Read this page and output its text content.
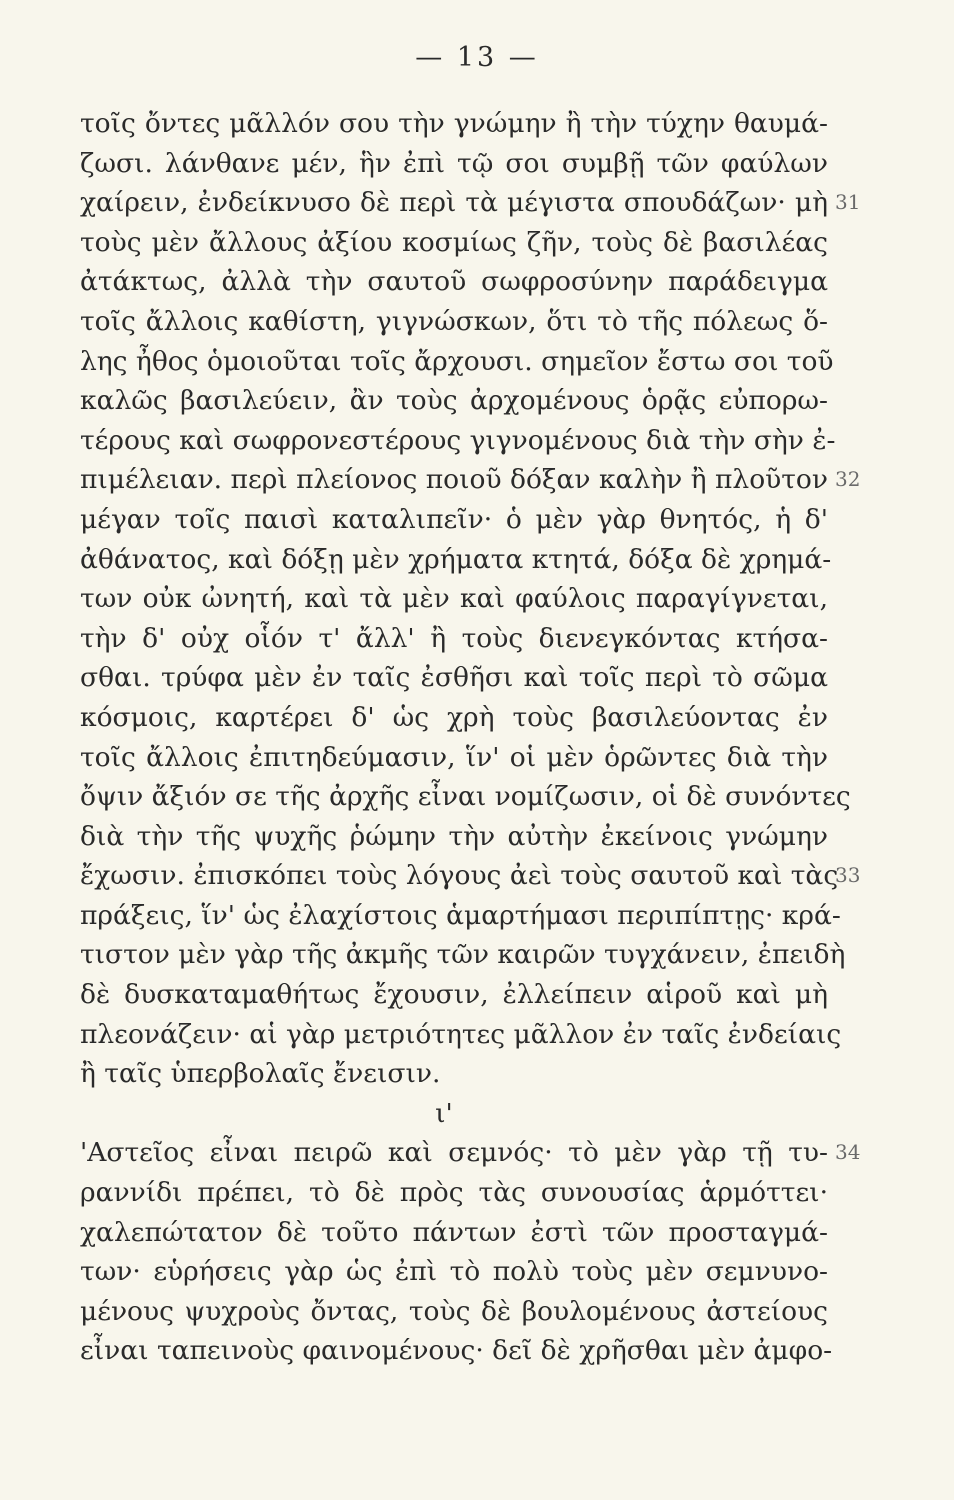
— 13 —
τοῖς ὄντες μᾶλλόν σου τὴν γνώμην ἢ τὴν τύχην θαυμά-
ζωσι. λάνθανε μέν, ἣν ἐπὶ τῷ σοι συμβῇ τῶν φαύλων
χαίρειν, ἐνδείκνυσο δὲ περὶ τὰ μέγιστα σπουδάζων· μὴ 31
τοὺς μὲν ἄλλους ἀξίου κοσμίως ζῆν, τοὺς δὲ βασιλέας
ἀτάκτως, ἀλλὰ τὴν σαυτοῦ σωφροσύνην παράδειγμα
τοῖς ἄλλοις καθίστη, γιγνώσκων, ὅτι τὸ τῆς πόλεως ὅ-
λης ἦθος ὁμοιοῦται τοῖς ἄρχουσι. σημεῖον ἔστω σοι τοῦ
καλῶς βασιλεύειν, ἂν τοὺς ἀρχομένους ὁρᾷς εὐπορω-
τέρους καὶ σωφρονεστέρους γιγνομένους διὰ τὴν σὴν ἐ-
πιμέλειαν. περὶ πλείονος ποιοῦ δόξαν καλὴν ἢ πλοῦτον 32
μέγαν τοῖς παισὶ καταλιπεῖν· ὁ μὲν γὰρ θνητός, ἡ δ'
ἀθάνατος, καὶ δόξῃ μὲν χρήματα κτητά, δόξα δὲ χρημά-
των οὐκ ὠνητή, καὶ τὰ μὲν καὶ φαύλοις παραγίγνεται,
τὴν δ' οὐχ οἷόν τ' ἄλλ' ἢ τοὺς διενεγκόντας κτήσα-
σθαι. τρύφα μὲν ἐν ταῖς ἐσθῆσι καὶ τοῖς περὶ τὸ σῶμα
κόσμοις, καρτέρει δ' ὡς χρὴ τοὺς βασιλεύοντας ἐν
τοῖς ἄλλοις ἐπιτηδεύμασιν, ἵν' οἱ μὲν ὁρῶντες διὰ τὴν
ὄψιν ἄξιόν σε τῆς ἀρχῆς εἶναι νομίζωσιν, οἱ δὲ συνόντες
διὰ τὴν τῆς ψυχῆς ῥώμην τὴν αὐτὴν ἐκείνοις γνώμην
ἔχωσιν. ἐπισκόπει τοὺς λόγους ἀεὶ τοὺς σαυτοῦ καὶ τὰς
33
πράξεις, ἵν' ὡς ἐλαχίστοις ἁμαρτήμασι περιπίπτῃς· κρά-
τιστον μὲν γὰρ τῆς ἀκμῆς τῶν καιρῶν τυγχάνειν, ἐπειδὴ
δὲ δυσκαταμαθήτως ἔχουσιν, ἐλλείπειν αἱροῦ καὶ μὴ
πλεονάζειν· αἱ γὰρ μετριότητες μᾶλλον ἐν ταῖς ἐνδείαις
ἢ ταῖς ὑπερβολαῖς ἔνεισιν.
ι'
'Αστεῖος εἶναι πειρῶ καὶ σεμνός· τὸ μὲν γὰρ τῇ τυ- 34
ραννίδι πρέπει, τὸ δὲ πρὸς τὰς συνουσίας ἁρμόττει·
χαλεπώτατον δὲ τοῦτο πάντων ἐστὶ τῶν προσταγμά-
των· εὑρήσεις γὰρ ὡς ἐπὶ τὸ πολὺ τοὺς μὲν σεμνυνο-
μένους ψυχροὺς ὄντας, τοὺς δὲ βουλομένους ἀστείους
εἶναι ταπεινοὺς φαινομένους· δεῖ δὲ χρῆσθαι μὲν ἀμφο-
